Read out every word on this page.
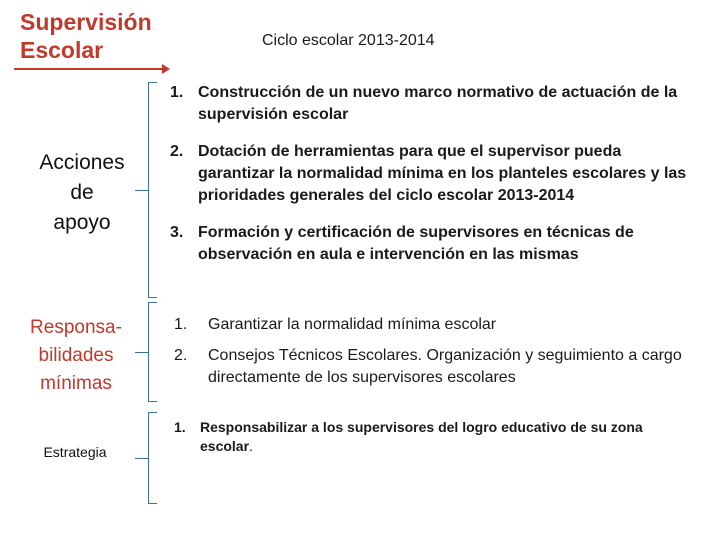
Supervisión
Escolar	Ciclo escolar 2013-2014
Acciones
de
apoyo
1. Construcción de un nuevo marco normativo de actuación de la supervisión escolar
2. Dotación de herramientas para que el supervisor pueda garantizar la normalidad mínima en los planteles escolares y las prioridades generales del ciclo escolar 2013-2014
3. Formación y certificación de supervisores en técnicas de observación en aula e intervención en las mismas
Responsa-
bilidades
mínimas
1. Garantizar la normalidad mínima escolar
2. Consejos Técnicos Escolares. Organización y seguimiento a cargo directamente de los supervisores escolares
Estrategia
1. Responsabilizar a los supervisores del logro educativo de su zona escolar.
